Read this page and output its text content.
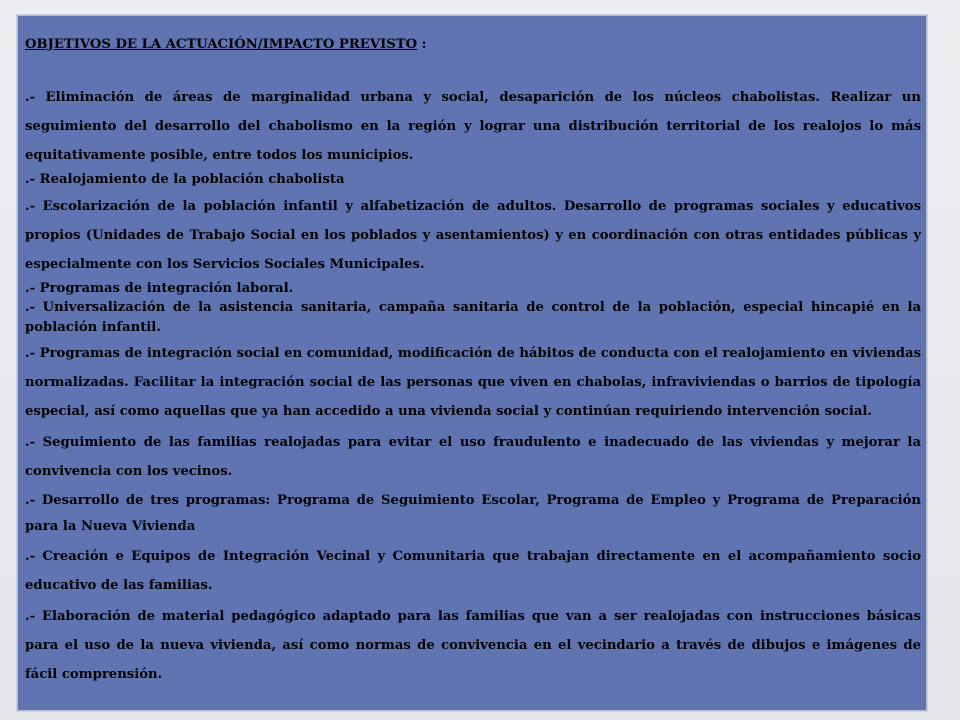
OBJETIVOS DE LA ACTUACIÓN/IMPACTO PREVISTO :

.- Eliminación de áreas de marginalidad urbana y social, desaparición de los núcleos chabolistas. Realizar un seguimiento del desarrollo del chabolismo en la región y lograr una distribución territorial de los realojos lo más equitativamente posible, entre todos los municipios.

.- Realojamiento de la población chabolista

.- Escolarización de la población infantil y alfabetización de adultos. Desarrollo de programas sociales y educativos propios (Unidades de Trabajo Social en los poblados y asentamientos) y en coordinación con otras entidades públicas y especialmente con los Servicios Sociales Municipales.

.- Programas de integración laboral.

.- Universalización de la asistencia sanitaria, campaña sanitaria de control de la población, especial hincapié en la población infantil.

.- Programas de integración social en comunidad, modificación de hábitos de conducta con el realojamiento en viviendas normalizadas. Facilitar la integración social de las personas que viven en chabolas, infraviviendas o barrios de tipología especial, así como aquellas que ya han accedido a una vivienda social y continúan requiriendo intervención social.

.- Seguimiento de las familias realojadas para evitar el uso fraudulento e inadecuado de las viviendas y mejorar la convivencia con los vecinos.

.- Desarrollo de tres programas: Programa de Seguimiento Escolar, Programa de Empleo y Programa de Preparación para la Nueva Vivienda

.- Creación e Equipos de Integración Vecinal y Comunitaria que trabajan directamente en el acompañamiento socio educativo de las familias.

.- Elaboración de material pedagógico adaptado para las familias que van a ser realojadas con instrucciones básicas para el uso de la nueva vivienda, así como normas de convivencia en el vecindario a través de dibujos e imágenes de fácil comprensión.
